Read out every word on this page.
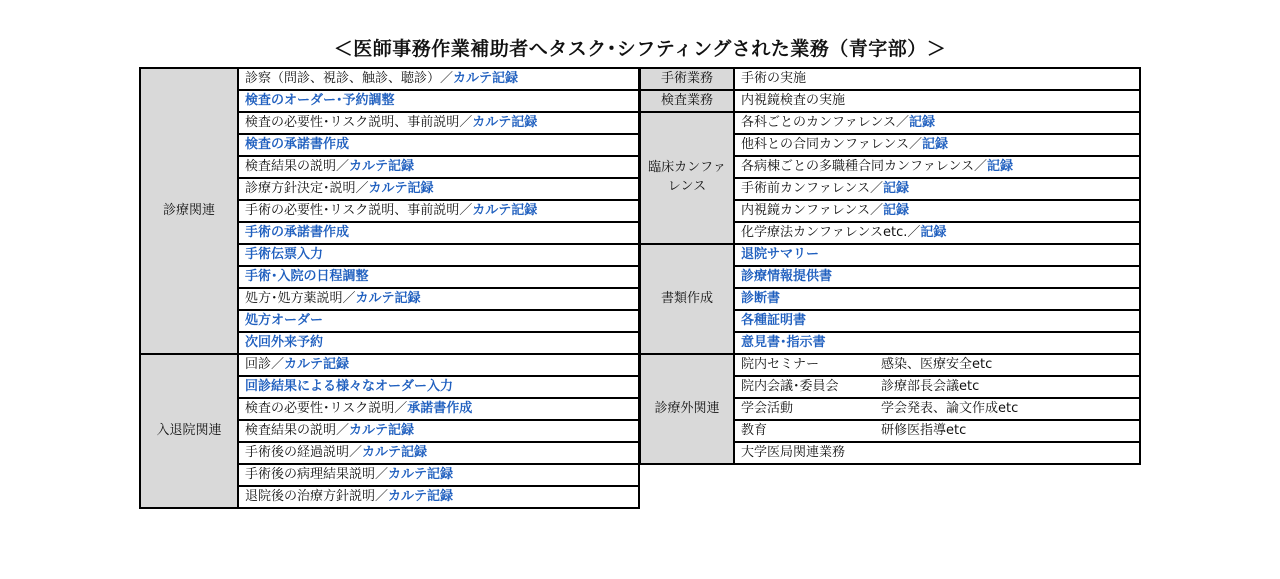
＜医師事務作業補助者へタスク･シフティングされた業務（青字部）＞
診療関連	診察（問診、視診、触診、聴診）／カルテ記録
	検査のオーダー･予約調整
	検査の必要性･リスク説明、事前説明／カルテ記録
	検査の承諾書作成
	検査結果の説明／カルテ記録
	診療方針決定･説明／カルテ記録
	手術の必要性･リスク説明、事前説明／カルテ記録
	手術の承諾書作成
	手術伝票入力
	手術･入院の日程調整
	処方･処方薬説明／カルテ記録
	処方オーダー
	次回外来予約
入退院関連	回診／カルテ記録
	回診結果による様々なオーダー入力
	検査の必要性･リスク説明／承諾書作成
	検査結果の説明／カルテ記録
	手術後の経過説明／カルテ記録
	手術後の病理結果説明／カルテ記録
	退院後の治療方針説明／カルテ記録
手術業務	手術の実施
検査業務	内視鏡検査の実施
臨床カンファレンス	各科ごとのカンファレンス／記録
	他科との合同カンファレンス／記録
	各病棟ごとの多職種合同カンファレンス／記録
	手術前カンファレンス／記録
	内視鏡カンファレンス／記録
	化学療法カンファレンスetc.／記録
書類作成	退院サマリー
	診療情報提供書
	診断書
	各種証明書
	意見書･指示書
診療外関連	院内セミナー 感染、医療安全etc
	院内会議･委員会 診療部長会議etc
	学会活動 学会発表、論文作成etc
	教育 研修医指導etc
	大学医局関連業務
